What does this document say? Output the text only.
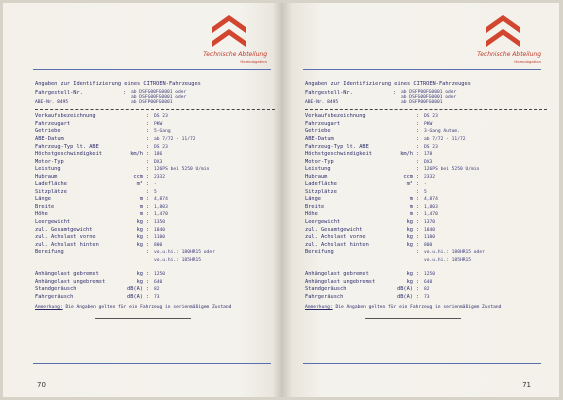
Technische Abteilung
Homologation
Angaben zur Identifizierung eines CITROEN-Fahrzeuges
Fahrgestell-Nr.	:	ab DSFG00FG0001 oder
ab DSFG00FG0001 oder
ab DSFP00FG0001
ABE-Nr. 8495
Verkaufsbezeichnung	:	DS 23
Fahrzeugart	:	PKW
Getriebe	:	5-Gang
ABE-Datum	:	ab 7/72 - 11/72
Fahrzeug-Typ lt. ABE	:	DS 23
Höchstgeschwindigkeit	km/h :	186
Motor-Typ	:	DX3
Leistung	:	126PS bei 5250 U/min
Hubraum	ccm :	2332
Ladefläche	m² :	-
Sitzplätze	:	5
Länge	m :	4,874
Breite	m :	1,803
Höhe	m :	1,470
Leergewicht	kg :	1350
zul. Gesamtgewicht	kg :	1840
zul. Achslast vorne	kg :	1100
zul. Achslast hinten	kg :	800
Bereifung	:	vo.u.hi.: 180HR15 oder
vo.u.hi.: 185HR15
Anhängelast gebremst	kg :	1250
Anhängelast ungebremst	kg :	640
Standgeräusch	dB(A) :	82
Fahrgeräusch	dB(A) :	73
Anmerkung: Die Angaben gelten für ein Fahrzeug in serienmäßigem Zustand
70
Technische Abteilung
Homologation
Angaben zur Identifizierung eines CITROEN-Fahrzeuges
Fahrgestell-Nr.	:	ab DSFP00FG0001 oder
ab DSFG00FG0001 oder
ab DSFP00FG0001
ABE-Nr. 8495
Verkaufsbezeichnung	:	DS 23
Fahrzeugart	:	PKW
Getriebe	:	3-Gang Autom.
ABE-Datum	:	ab 7/72 - 11/72
Fahrzeug-Typ lt. ABE	:	DS 23
Höchstgeschwindigkeit	km/h :	178
Motor-Typ	:	DX3
Leistung	:	126PS bei 5250 U/min
Hubraum	ccm :	2332
Ladefläche	m² :	-
Sitzplätze	:	5
Länge	m :	4,874
Breite	m :	1,803
Höhe	m :	1,470
Leergewicht	kg :	1370
zul. Gesamtgewicht	kg :	1840
zul. Achslast vorne	kg :	1100
zul. Achslast hinten	kg :	800
Bereifung	:	vo.u.hi.: 180HR15 oder
vo.u.hi.: 185HR15
Anhängelast gebremst	kg :	1250
Anhängelast ungebremst	kg :	640
Standgeräusch	dB(A) :	82
Fahrgeräusch	dB(A) :	73
Anmerkung: Die Angaben gelten für ein Fahrzeug in serienmäßigem Zustand
71
